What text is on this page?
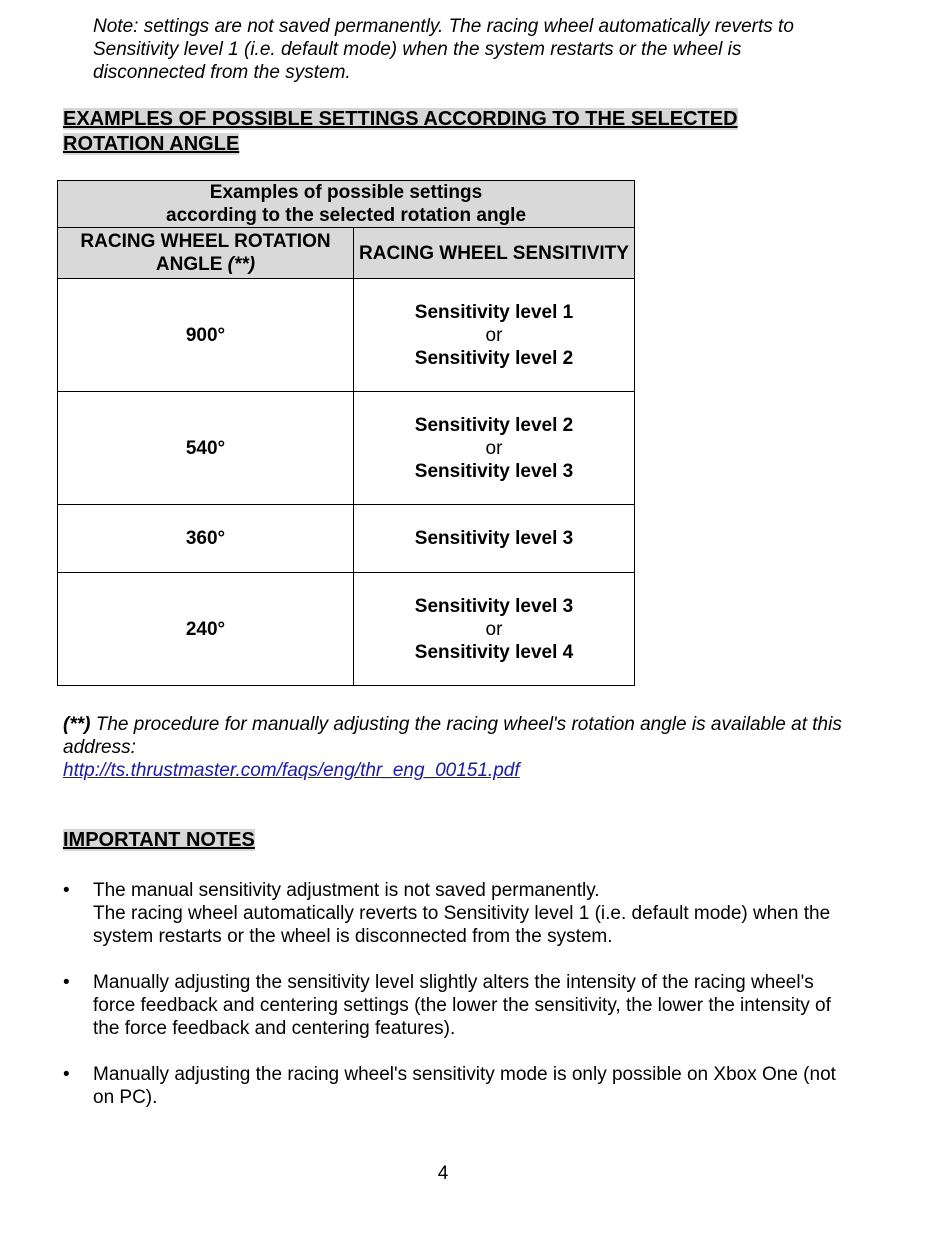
Note: settings are not saved permanently. The racing wheel automatically reverts to Sensitivity level 1 (i.e. default mode) when the system restarts or the wheel is disconnected from the system.
EXAMPLES OF POSSIBLE SETTINGS ACCORDING TO THE SELECTED ROTATION ANGLE
Examples of possible settings
according to the selected rotation angle	

RACING WHEEL ROTATION ANGLE (**)	RACING WHEEL SENSITIVITY
900°	Sensitivity level 1
or
Sensitivity level 2

540°	Sensitivity level 2
or
Sensitivity level 3

360°	Sensitivity level 3

240°	Sensitivity level 3
or
Sensitivity level 4
(**) The procedure for manually adjusting the racing wheel's rotation angle is available at this address:
http://ts.thrustmaster.com/faqs/eng/thr_eng_00151.pdf
IMPORTANT NOTES
• The manual sensitivity adjustment is not saved permanently.
The racing wheel automatically reverts to Sensitivity level 1 (i.e. default mode) when the system restarts or the wheel is disconnected from the system.
• Manually adjusting the sensitivity level slightly alters the intensity of the racing wheel's force feedback and centering settings (the lower the sensitivity, the lower the intensity of the force feedback and centering features).
• Manually adjusting the racing wheel's sensitivity mode is only possible on Xbox One (not on PC).
4
